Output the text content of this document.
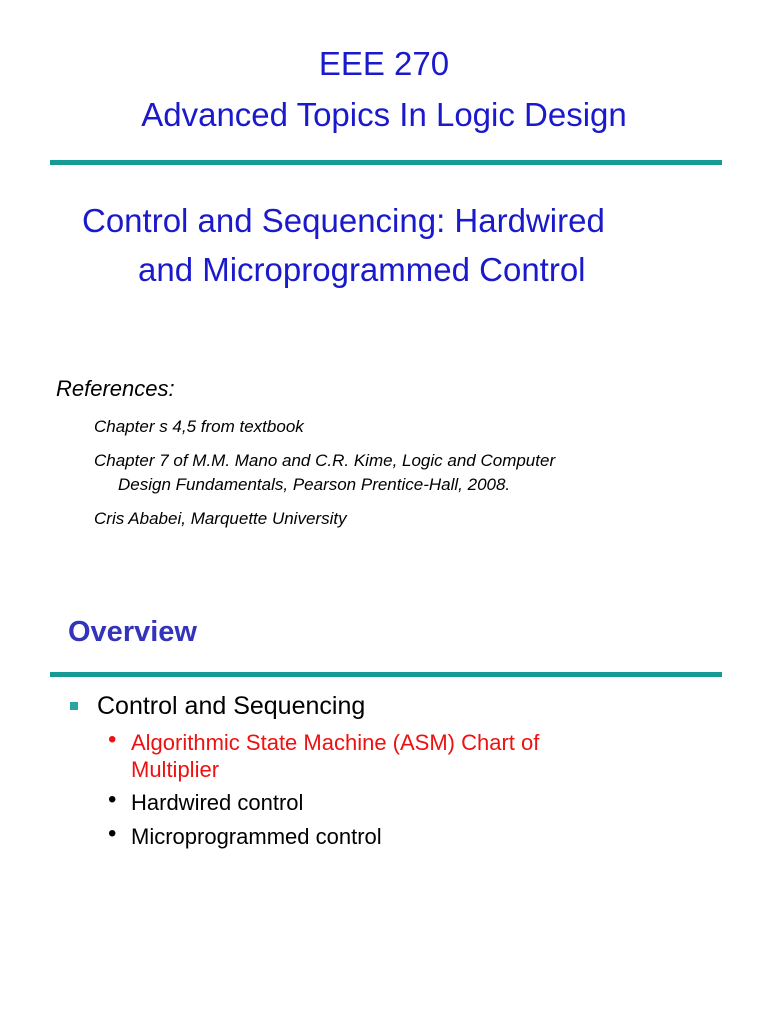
EEE 270
Advanced Topics In Logic Design
Control and Sequencing: Hardwired
and Microprogrammed Control
References:
Chapter s 4,5 from textbook
Chapter 7 of M.M. Mano and C.R. Kime, Logic and Computer
Design Fundamentals, Pearson Prentice-Hall, 2008.
Cris Ababei, Marquette University
Overview
Control and Sequencing
• Algorithmic State Machine (ASM) Chart of
Multiplier
• Hardwired control
• Microprogrammed control
